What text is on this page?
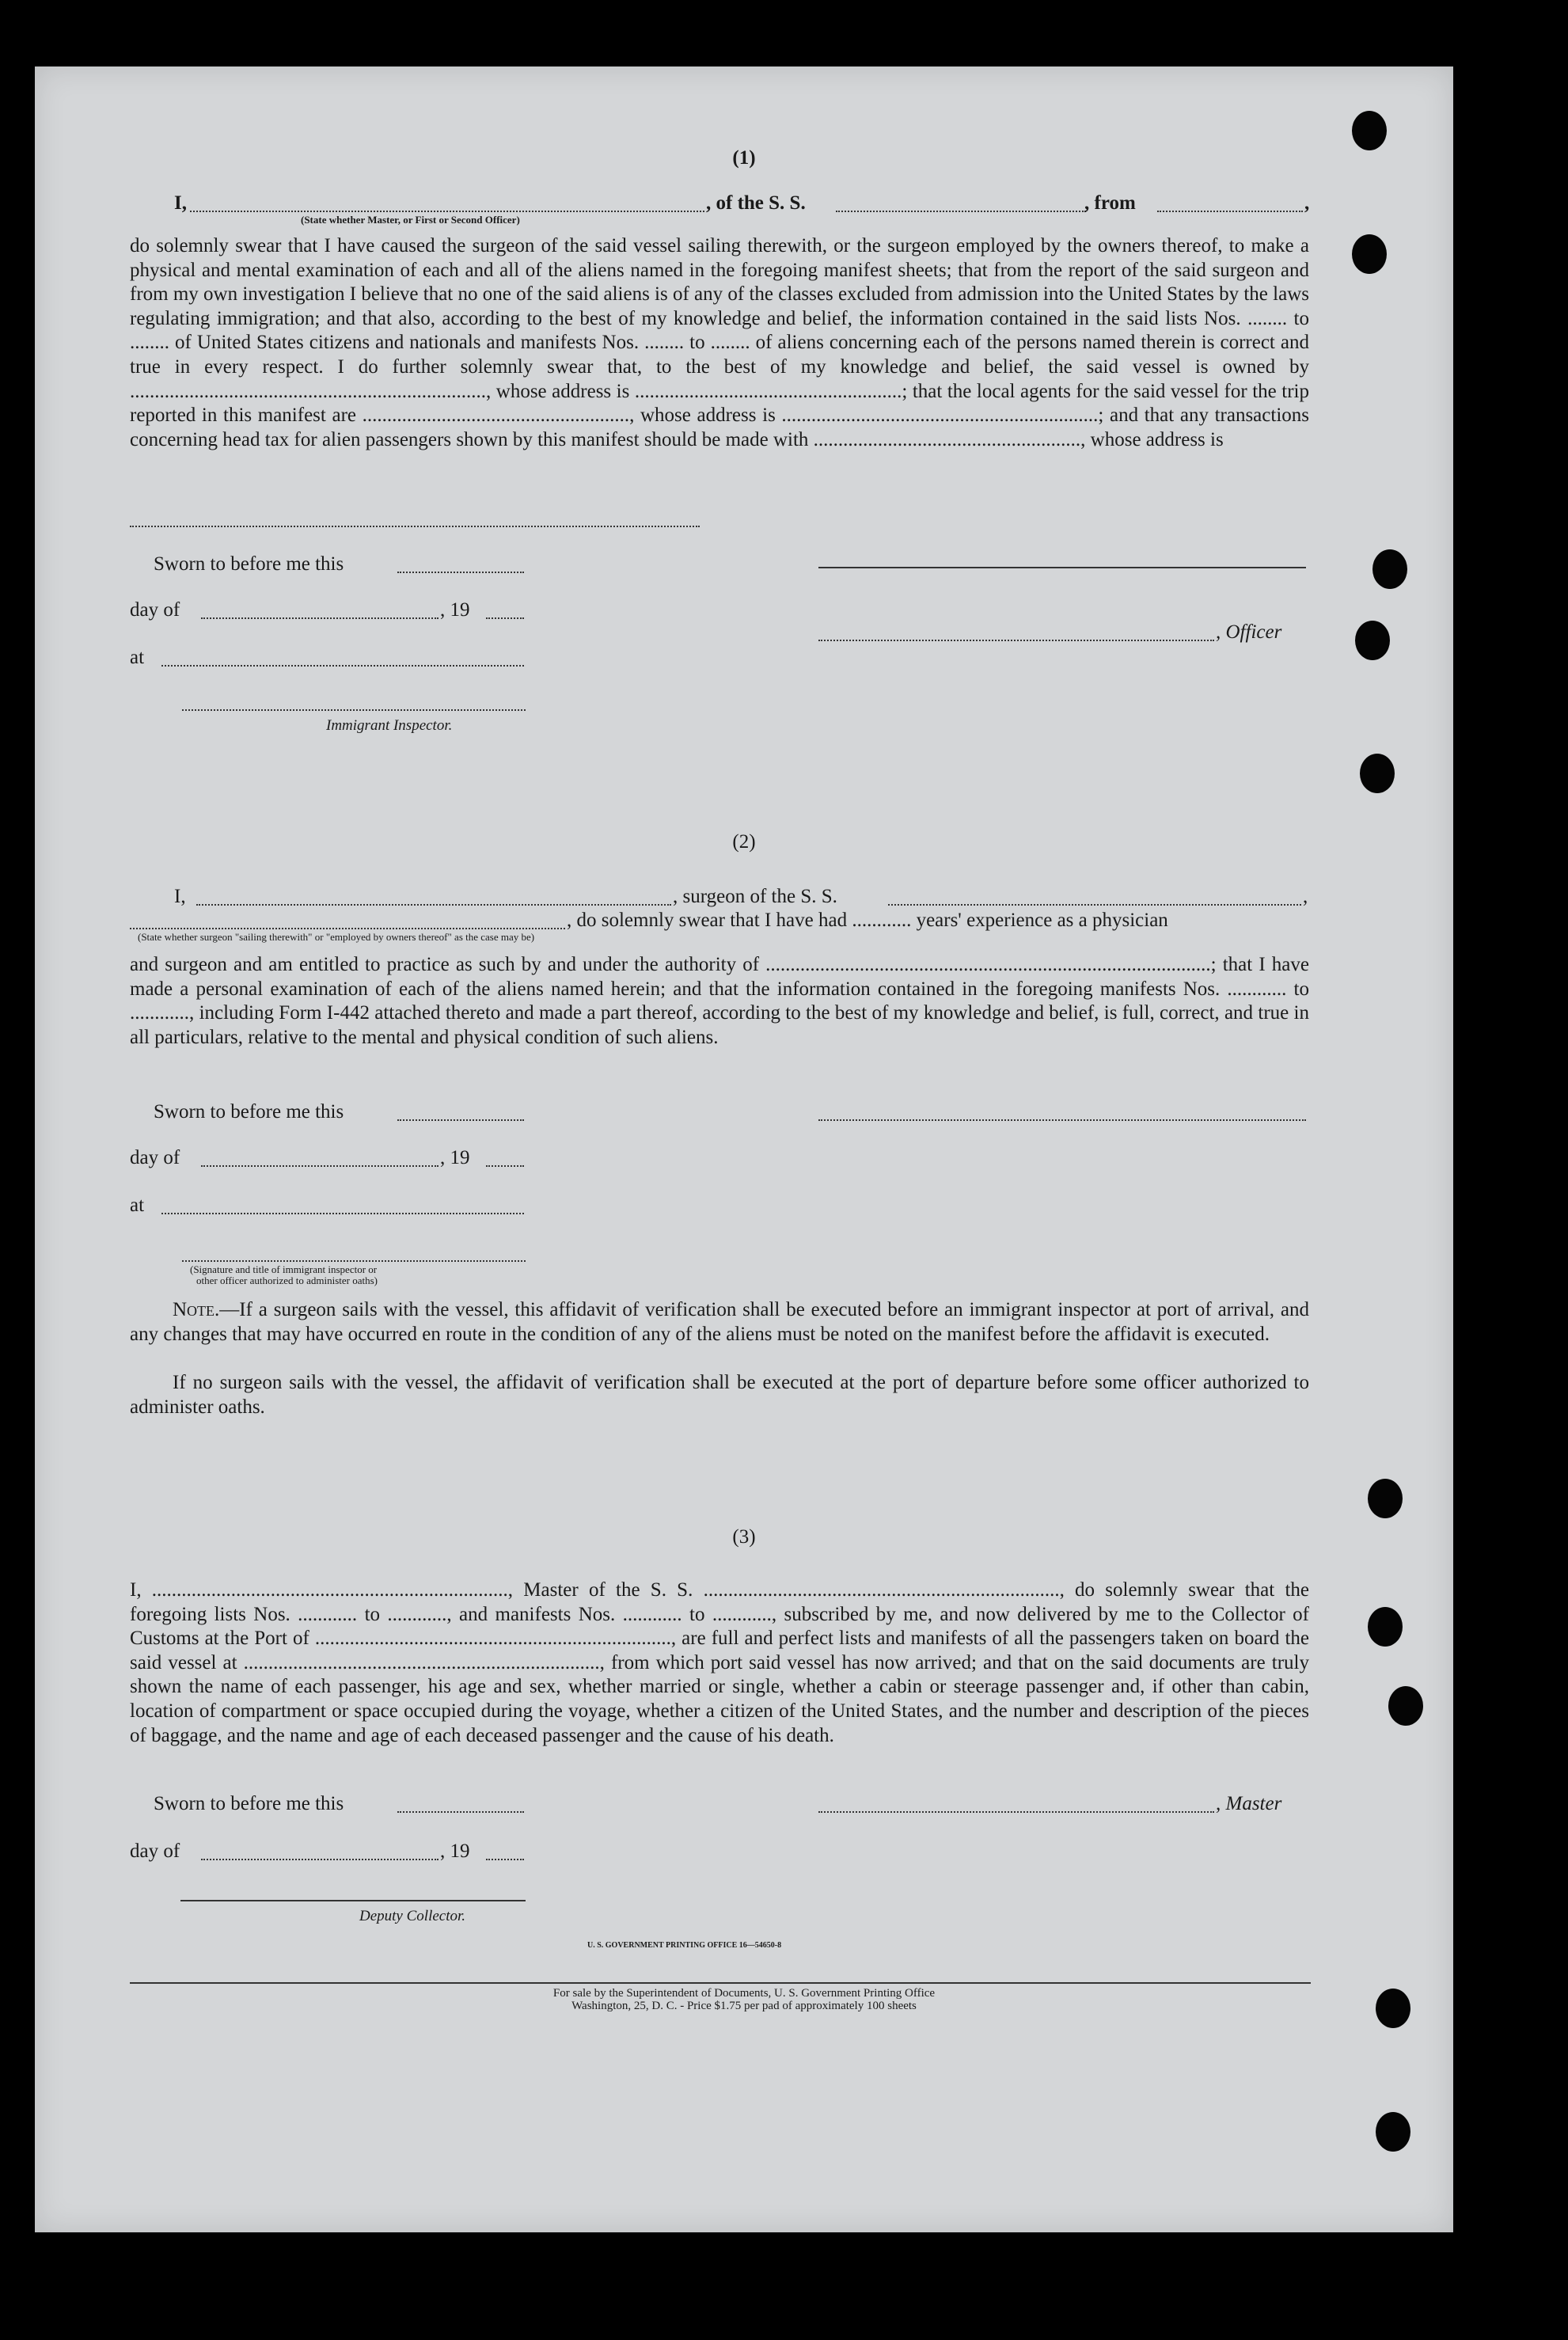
(1)
I,	, of the S. S.	, from	,
(State whether Master, or First or Second Officer)
do solemnly swear that I have caused the surgeon of the said vessel sailing therewith, or the surgeon employed by the owners thereof, to make a physical and mental examination of each and all of the aliens named in the foregoing manifest sheets; that from the report of the said surgeon and from my own investigation I believe that no one of the said aliens is of any of the classes excluded from admission into the United States by the laws regulating immigration; and that also, according to the best of my knowledge and belief, the information contained in the said lists Nos. ........ to ........ of United States citizens and nationals and manifests Nos. ........ to ........ of aliens concerning each of the persons named therein is correct and true in every respect. I do further solemnly swear that, to the best of my knowledge and belief, the said vessel is owned by ........................................................................, whose address is ......................................................; that the local agents for the said vessel for the trip reported in this manifest are ......................................................, whose address is ................................................................; and that any transactions concerning head tax for alien passengers shown by this manifest should be made with ......................................................, whose address is
Sworn to before me this
day of	, 19
, Officer
at
Immigrant Inspector.
(2)
I,	, surgeon of the S. S.	,
, do solemnly swear that I have had ............ years' experience as a physician
(State whether surgeon "sailing therewith" or "employed by owners thereof" as the case may be)
and surgeon and am entitled to practice as such by and under the authority of ..........................................................................................; that I have made a personal examination of each of the aliens named herein; and that the information contained in the foregoing manifests Nos. ............ to ............, including Form I-442 attached thereto and made a part thereof, according to the best of my knowledge and belief, is full, correct, and true in all particulars, relative to the mental and physical condition of such aliens.
Sworn to before me this
day of	, 19
at
(Signature and title of immigrant inspector or
other officer authorized to administer oaths)
Note.—If a surgeon sails with the vessel, this affidavit of verification shall be executed before an immigrant inspector at port of arrival, and any changes that may have occurred en route in the condition of any of the aliens must be noted on the manifest before the affidavit is executed.
If no surgeon sails with the vessel, the affidavit of verification shall be executed at the port of departure before some officer authorized to administer oaths.
(3)
I, ........................................................................, Master of the S. S. ........................................................................, do solemnly swear that the foregoing lists Nos. ............ to ............, and manifests Nos. ............ to ............, subscribed by me, and now delivered by me to the Collector of Customs at the Port of ........................................................................, are full and perfect lists and manifests of all the passengers taken on board the said vessel at ........................................................................, from which port said vessel has now arrived; and that on the said documents are truly shown the name of each passenger, his age and sex, whether married or single, whether a cabin or steerage passenger and, if other than cabin, location of compartment or space occupied during the voyage, whether a citizen of the United States, and the number and description of the pieces of baggage, and the name and age of each deceased passenger and the cause of his death.
Sworn to before me this	, Master
day of	, 19
Deputy Collector.
U. S. GOVERNMENT PRINTING OFFICE 16—54650-8
For sale by the Superintendent of Documents, U. S. Government Printing Office
Washington, 25, D. C. - Price $1.75 per pad of approximately 100 sheets
